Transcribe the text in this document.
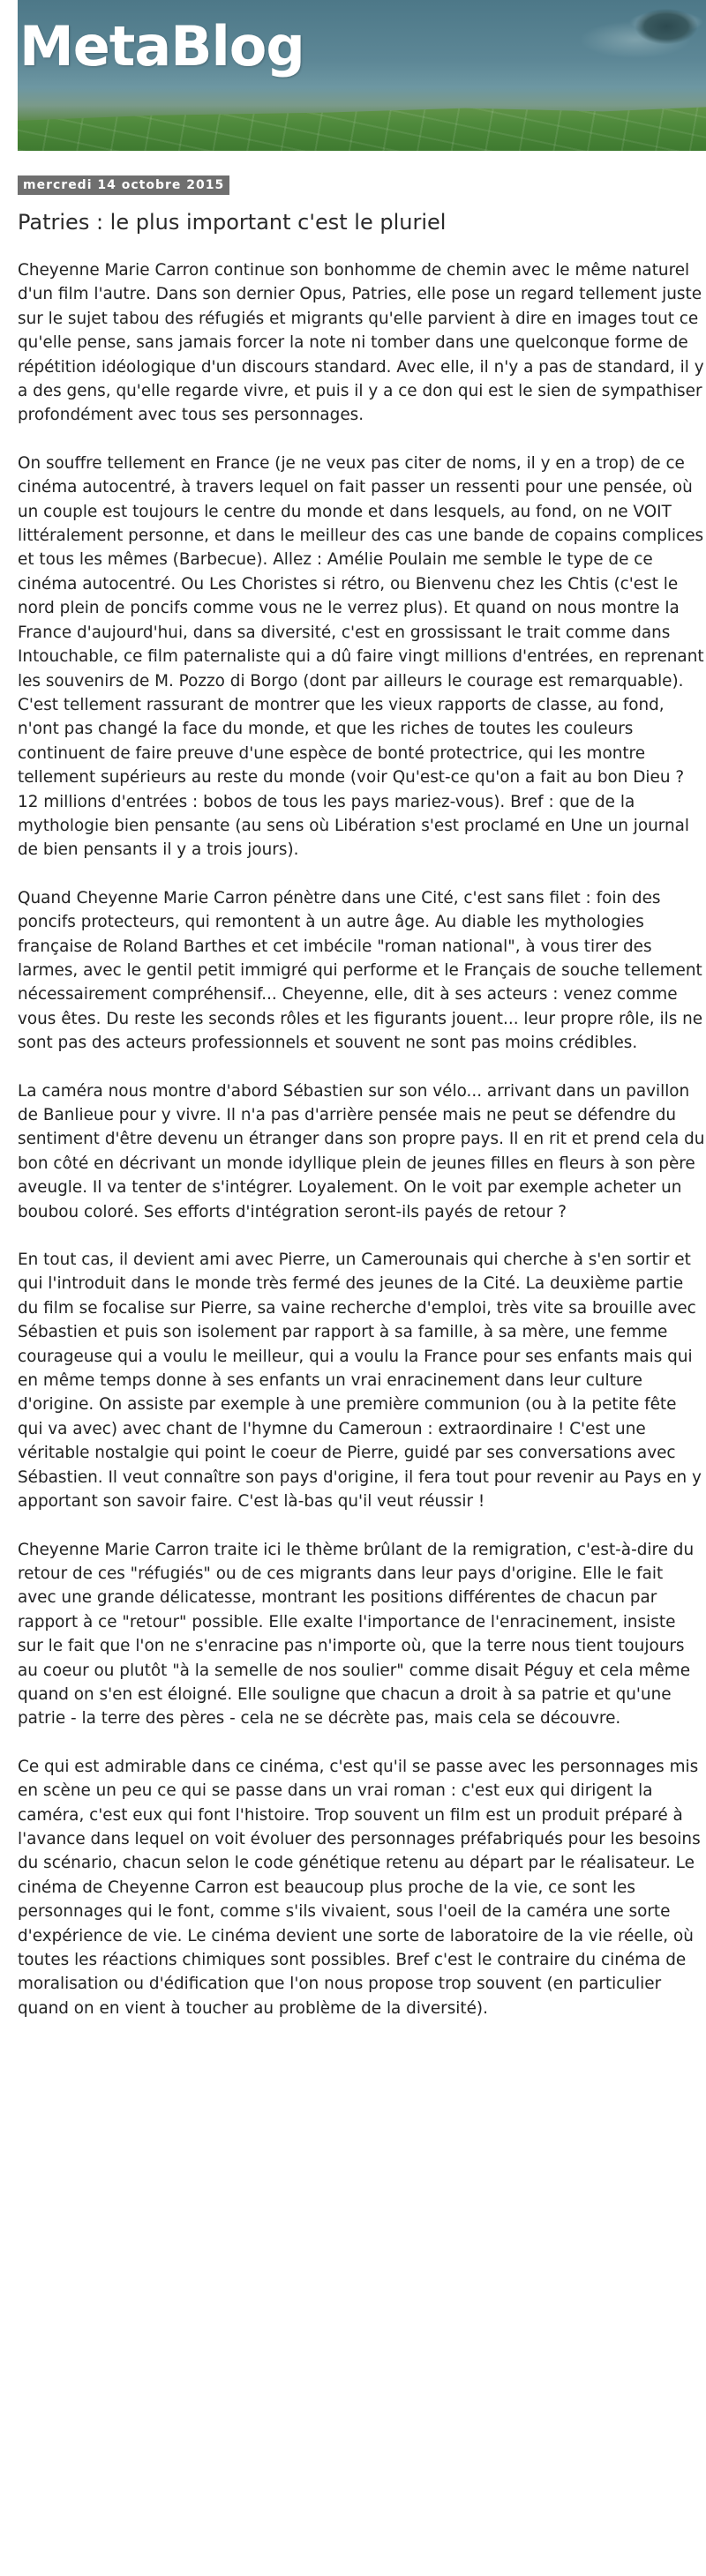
MetaBlog
mercredi 14 octobre 2015
Patries : le plus important c'est le pluriel

Cheyenne Marie Carron continue son bonhomme de chemin avec le même naturel d'un film l'autre. Dans son dernier Opus, Patries, elle pose un regard tellement juste sur le sujet tabou des réfugiés et migrants qu'elle parvient à dire en images tout ce qu'elle pense, sans jamais forcer la note ni tomber dans une quelconque forme de répétition idéologique d'un discours standard. Avec elle, il n'y a pas de standard, il y a des gens, qu'elle regarde vivre, et puis il y a ce don qui est le sien de sympathiser profondément avec tous ses personnages.

On souffre tellement en France (je ne veux pas citer de noms, il y en a trop) de ce cinéma autocentré, à travers lequel on fait passer un ressenti pour une pensée, où un couple est toujours le centre du monde et dans lesquels, au fond, on ne VOIT littéralement personne, et dans le meilleur des cas une bande de copains complices et tous les mêmes (Barbecue). Allez : Amélie Poulain me semble le type de ce cinéma autocentré. Ou Les Choristes si rétro, ou Bienvenu chez les Chtis (c'est le nord plein de poncifs comme vous ne le verrez plus). Et quand on nous montre la France d'aujourd'hui, dans sa diversité, c'est en grossissant le trait comme dans Intouchable, ce film paternaliste qui a dû faire vingt millions d'entrées, en reprenant les souvenirs de M. Pozzo di Borgo (dont par ailleurs le courage est remarquable). C'est tellement rassurant de montrer que les vieux rapports de classe, au fond, n'ont pas changé la face du monde, et que les riches de toutes les couleurs continuent de faire preuve d'une espèce de bonté protectrice, qui les montre tellement supérieurs au reste du monde (voir Qu'est-ce qu'on a fait au bon Dieu ? 12 millions d'entrées : bobos de tous les pays mariez-vous). Bref : que de la mythologie bien pensante (au sens où Libération s'est proclamé en Une un journal de bien pensants il y a trois jours).

Quand Cheyenne Marie Carron pénètre dans une Cité, c'est sans filet : foin des poncifs protecteurs, qui remontent à un autre âge. Au diable les mythologies française de Roland Barthes et cet imbécile "roman national", à vous tirer des larmes, avec le gentil petit immigré qui performe et le Français de souche tellement nécessairement compréhensif... Cheyenne, elle, dit à ses acteurs : venez comme vous êtes. Du reste les seconds rôles et les figurants jouent... leur propre rôle, ils ne sont pas des acteurs professionnels et souvent ne sont pas moins crédibles.

La caméra nous montre d'abord Sébastien sur son vélo... arrivant dans un pavillon de Banlieue pour y vivre. Il n'a pas d'arrière pensée mais ne peut se défendre du sentiment d'être devenu un étranger dans son propre pays. Il en rit et prend cela du bon côté en décrivant un monde idyllique plein de jeunes filles en fleurs à son père aveugle. Il va tenter de s'intégrer. Loyalement. On le voit par exemple acheter un boubou coloré. Ses efforts d'intégration seront-ils payés de retour ?

En tout cas, il devient ami avec Pierre, un Camerounais qui cherche à s'en sortir et qui l'introduit dans le monde très fermé des jeunes de la Cité. La deuxième partie du film se focalise sur Pierre, sa vaine recherche d'emploi, très vite sa brouille avec Sébastien et puis son isolement par rapport à sa famille, à sa mère, une femme courageuse qui a voulu le meilleur, qui a voulu la France pour ses enfants mais qui en même temps donne à ses enfants un vrai enracinement dans leur culture d'origine. On assiste par exemple à une première communion (ou à la petite fête qui va avec) avec chant de l'hymne du Cameroun : extraordinaire ! C'est une véritable nostalgie qui point le coeur de Pierre, guidé par ses conversations avec Sébastien. Il veut connaître son pays d'origine, il fera tout pour revenir au Pays en y apportant son savoir faire. C'est là-bas qu'il veut réussir !

Cheyenne Marie Carron traite ici le thème brûlant de la remigration, c'est-à-dire du retour de ces "réfugiés" ou de ces migrants dans leur pays d'origine. Elle le fait avec une grande délicatesse, montrant les positions différentes de chacun par rapport à ce "retour" possible. Elle exalte l'importance de l'enracinement, insiste sur le fait que l'on ne s'enracine pas n'importe où, que la terre nous tient toujours au coeur ou plutôt "à la semelle de nos soulier" comme disait Péguy et cela même quand on s'en est éloigné. Elle souligne que chacun a droit à sa patrie et qu'une patrie - la terre des pères - cela ne se décrète pas, mais cela se découvre.

Ce qui est admirable dans ce cinéma, c'est qu'il se passe avec les personnages mis en scène un peu ce qui se passe dans un vrai roman : c'est eux qui dirigent la caméra, c'est eux qui font l'histoire. Trop souvent un film est un produit préparé à l'avance dans lequel on voit évoluer des personnages préfabriqués pour les besoins du scénario, chacun selon le code génétique retenu au départ par le réalisateur. Le cinéma de Cheyenne Carron est beaucoup plus proche de la vie, ce sont les personnages qui le font, comme s'ils vivaient, sous l'oeil de la caméra une sorte d'expérience de vie. Le cinéma devient une sorte de laboratoire de la vie réelle, où toutes les réactions chimiques sont possibles. Bref c'est le contraire du cinéma de moralisation ou d'édification que l'on nous propose trop souvent (en particulier quand on en vient à toucher au problème de la diversité).
